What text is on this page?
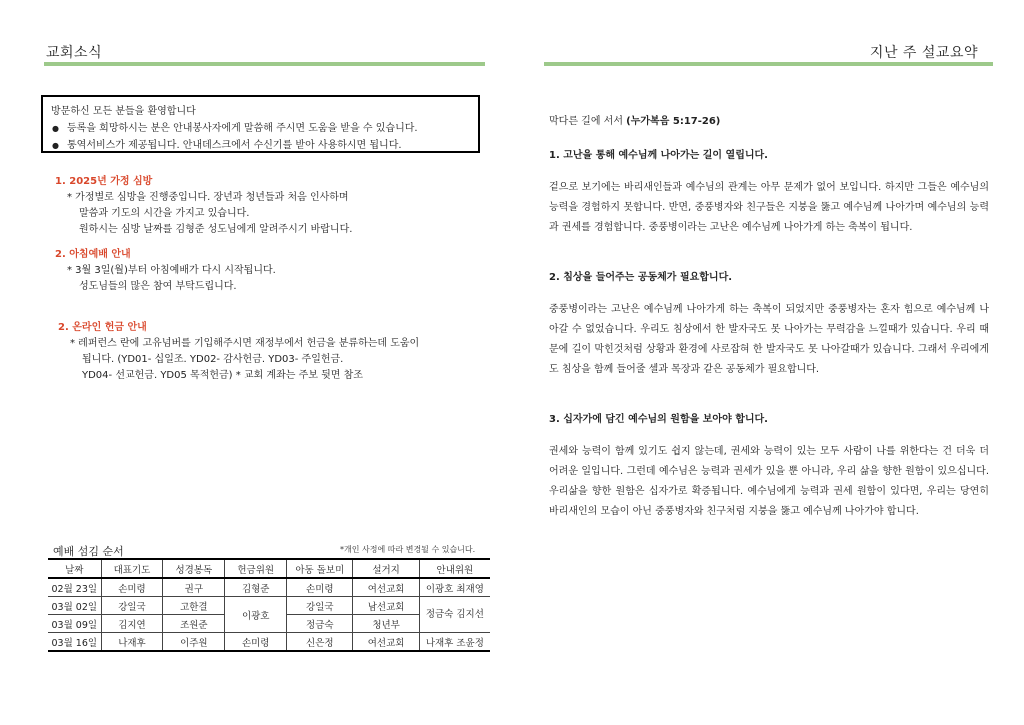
교회소식	지난 주 설교요약
방문하신 모든 분들을 환영합니다
● 등록을 희망하시는 분은 안내봉사자에게 말씀해 주시면 도움을 받을 수 있습니다.
● 통역서비스가 제공됩니다. 안내데스크에서 수신기를 받아 사용하시면 됩니다.
1. 2025년 가정 심방
* 가정별로 심방을 진행중입니다. 장년과 청년들과 처음 인사하며
말씀과 기도의 시간을 가지고 있습니다.
원하시는 심방 날짜를 김형준 성도님에게 알려주시기 바랍니다.
2. 아침예배 안내
* 3월 3일(월)부터 아침예배가 다시 시작됩니다.
성도님들의 많은 참여 부탁드립니다.
2. 온라인 헌금 안내
* 레퍼런스 란에 고유넘버를 기입해주시면 재정부에서 헌금을 분류하는데 도움이
됩니다. (YD01- 십일조. YD02- 감사헌금. YD03- 주일헌금.
YD04- 선교헌금. YD05 목적헌금) * 교회 계좌는 주보 뒷면 참조
예배 섬김 순서	*개인 사정에 따라 변경될 수 있습니다.
날짜	대표기도	성경봉독	헌금위원	아동 돌보미	설거지	안내위원
02월 23일	손미령	권구	김형준	손미령	여선교회	이광호 최재영
03월 02일	강일국	고한결	이광호	강일국	남선교회	정금숙 김지선
03월 09일	김지연	조원준		정금숙	청년부	
03월 16일	나재후	이주원	손미령	신은정	여선교회	나재후 조윤정

막다른 길에 서서 (누가복음 5:17-26)

1. 고난을 통해 예수님께 나아가는 길이 열립니다.

겉으로 보기에는 바리새인들과 예수님의 관계는 아무 문제가 없어 보입니다. 하지만 그들은 예수님의 능력을 경험하지 못합니다. 반면, 중풍병자와 친구들은 지붕을 뚫고 예수님께 나아가며 예수님의 능력과 권세를 경험합니다. 중풍병이라는 고난은 예수님께 나아가게 하는 축복이 됩니다.

2. 침상을 들어주는 공동체가 필요합니다.

중풍병이라는 고난은 예수님께 나아가게 하는 축복이 되었지만 중풍병자는 혼자 힘으로 예수님께 나아갈 수 없었습니다. 우리도 침상에서 한 발자국도 못 나아가는 무력감을 느낄때가 있습니다. 우리 때문에 길이 막힌것처럼 상황과 환경에 사로잡혀 한 발자국도 못 나아갈때가 있습니다. 그래서 우리에게도 침상을 함께 들어줄 셀과 목장과 같은 공동체가 필요합니다.

3. 십자가에 담긴 예수님의 원함을 보아야 합니다.

권세와 능력이 함께 있기도 쉽지 않는데, 권세와 능력이 있는 모두 사람이 나를 위한다는 건 더욱 더 어려운 일입니다. 그런데 예수님은 능력과 권세가 있을 뿐 아니라, 우리 삶을 향한 원함이 있으십니다. 우리삶을 향한 원함은 십자가로 확증됩니다. 예수님에게 능력과 권세 원함이 있다면, 우리는 당연히 바리새인의 모습이 아닌 중풍병자와 친구처럼 지붕을 뚫고 예수님께 나아가야 합니다.
